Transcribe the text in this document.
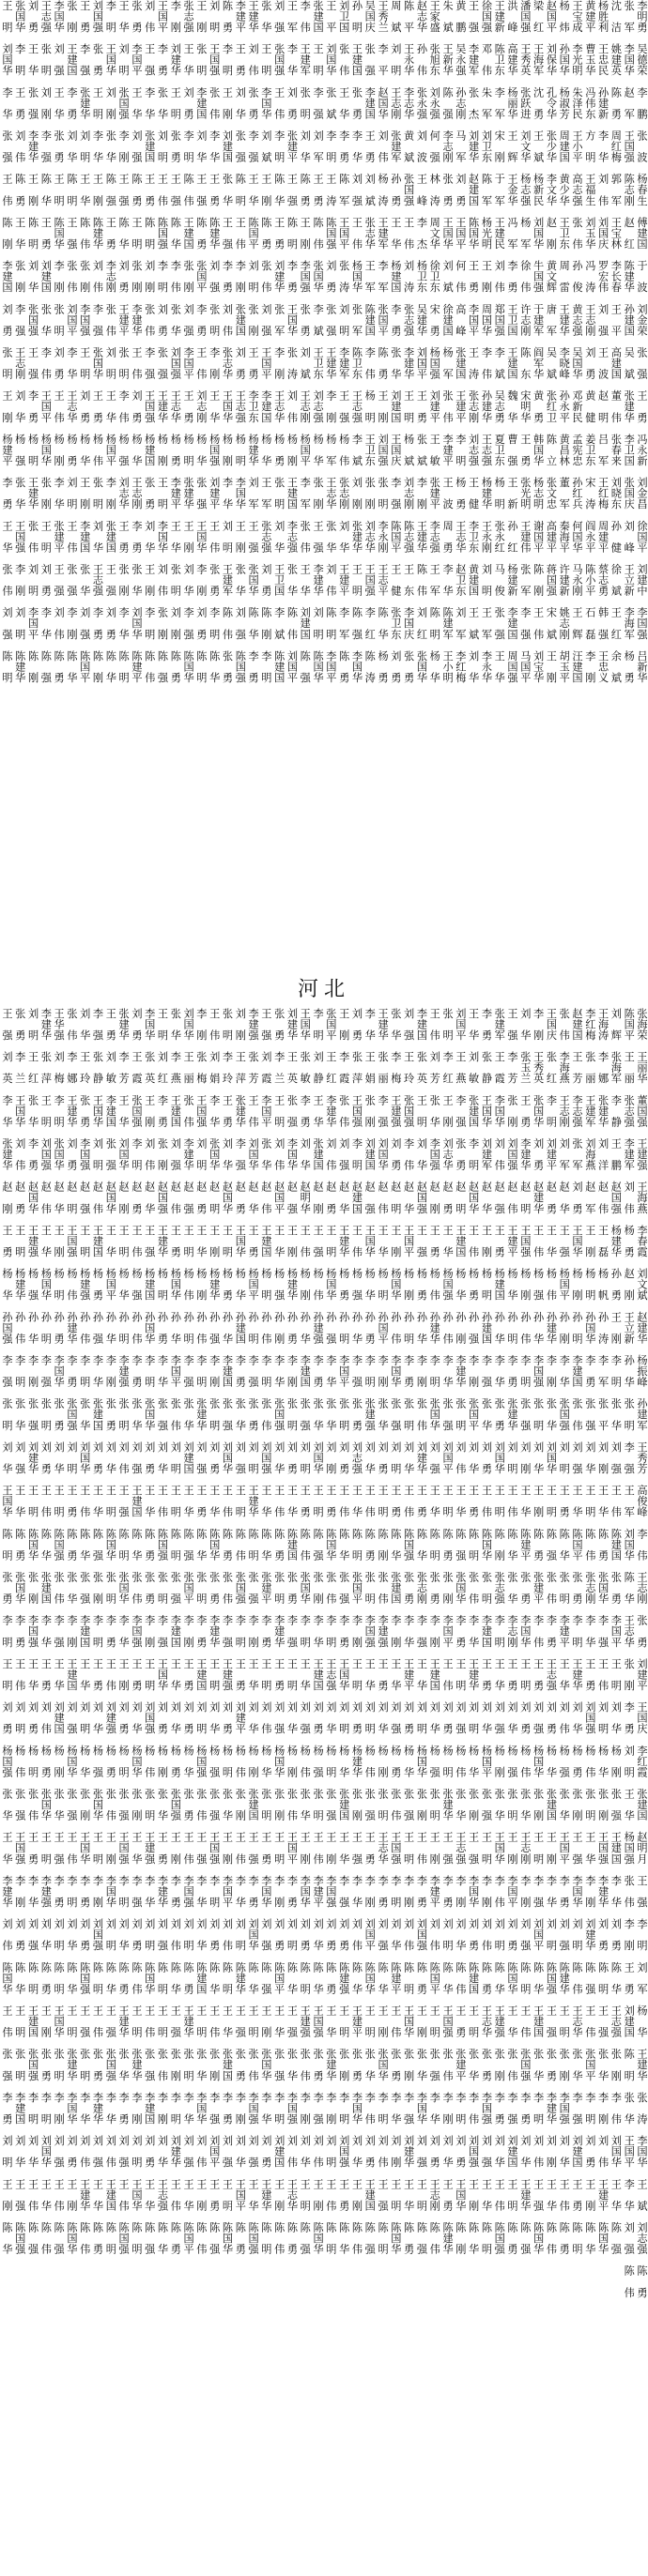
李明勇　吴德荣　李　鹏　张　波　杨春生　傅建国　于　波　刘金荣　张　强　王　勇　冯永新　刘金昌　徐国平　刘建中　李国强　吕新华
张　军　李国华　赵　军　王国强　陈志刚　赵　红　陈建华　孙建国　吴　斌　张建华　李卫国　张国庆　刘　峰　王立新　李海军　杨　勇
沈　洁　姚建英　陈　勇　周红梅　郭　军　王宝林　李长春　王　平　高建国　董　伟　张春来　刘晓东　孙　健　徐　斌　王　红　余　斌
杨胜利　王忠民　孙建新　李　华　刘　伟　刘国庆　罗宏伟　刘　强　王　波　赵　明　吕　军　王红梅　周建平　蔡志勇　韩　强　王忠义
黄建平　曹玉华　冯伟东　方　明　王福生　刘玉华　冯　涛　王志刚　刘　勇　黄　健　姜卫东　宋　涛　阎永平　陈小平　石　磊　李　刚
王宝成　李光明　朱泽民　王小平　高志强　张　伟　孙　俊　黄志强　吴国华　邓新民　孟宪忠　孙红兵　何国华　马永刚　王　辉　汪建国
杨　炜　孙国华　杨淑芳　周建国　黄少华　王卫东　周　雷　王建华　李晓峰　孙永平　黄昌林　董　军　秦海平　许建新　姚志刚　胡玉平
赵国平　刘保华　孔令华　张少华　李文华　赵　刚　黄文辉　唐　军　吴　斌　张红卫　陈　立　张文忠　高建平　蒋国强　宋　斌　王　刚
梁　红　王海军　沈　勇　王　斌　杨新民　刘国华　牛国强　于建军　阎军华　黄　勇　韩国华　杨志明　谢国平　陈　刚　王　伟　刘宝华
潘国强　王秀英　张跃进　刘文华　杨志强　杨　军　徐　伟　许志刚　陈　东　宋明华　王　勇　张光明　王建伟　张　军　李　强　马国平
洪　峰　高建华　杨丽华　王　辉　王金华　冯　军　李　勇　王卫国　王建国　魏　华　曹　强　王　新　孙　红　杨建新　李建国　周国强
王建新　陈卫东　李　军　宋　刚　于　军　王建民　刘　伟　郑国强　李　斌　吴志勇　夏卫东　杨　明　张永红　马　俊　张　强　王　华
徐国强　邓　伟　朱　军　刘卫东　陈　军　杨光明　王　刚　周国华　李　伟　孙建华　王志强　杨建华　王永刚　刘　明　王　军　李永华
王　强　李建军　张　杰　刘建华　赵建国　陈国华　王　勇　李国平　王　涛　张志刚　刘志强　王　健　李卫东　黄建国　王　斌　刘　华
黄　鹏　吴永强　孙志刚　马　军　刘　勇　王国平　何　伟　高　峰　张建国　王建平　李　明　杨　勇　王志华　赵卫东　刘　军　李红梅
朱　斌　王新华　陈　强　李志刚　张　勇　王国华　刘　斌　徐建国　杨　军　张　伟　李建平　王　波　周　勇　李　华　陈建军　王小明
王家盛　张旭东　刘永强　何　强　林　涛　周文华　徐卫东　宋　勇　杨国强　刘建平　王　敏　张建平　李志强　王　军　陈　明　杨　华
赵志华　孙　伟　张永强　刘　波　王　峰　李　杰　杨卫东　吴建华　刘国平　王　勇　张　斌　李　刚　王建华　陈　伟　刘　红　张国华
陈　平　王永华　李志华　黄　斌　张国强　王　伟　刘　涛　张志强　李建华　王　明　杨　斌　刘志刚　陈志强　王　东　李国庆　张　勇
周　斌　刘　明　王志刚　张建军　孙　勇　王　华　杨建国　李　勇　张　华　刘建国　王国庆　李　强　陈国平　王　健　张卫东　刘　勇
王秀兰　李　平　赵国华　刘　伟　杨　涛　王建军　李　军　张国平　陈　勇　王　刚　刘国强　张　明　李永刚　王志平　陈　华　杨　勇
吴国庆　张　强　李建国　王　勇　刘　斌　张志华　王　军　陈建国　李　伟　杨　明　王卫东　张　刚　刘志华　王国强　李　红　陈　涛
孙　明　王建国　张　勇　李　华　刘　强　王　伟　杨国华　张　军　陈卫东　王志强　李　斌　刘　刚　张建华　王　明　陈　强　李国华
刘卫国　张　伟　王　华　李　勇　陈　军　王国平　张　涛　刘　明　李建军　王　强　杨　伟　张志刚　刘　华　王建平　李　军　陈　勇
王　平　刘国华　张　斌　李　明　王　涛　陈国强　刘　勇　张　强　王建华　李　刚　杨　军　王志华　张　华　刘　伟　陈　明　李国平
张建国　王　明　李　强　刘　军　王　勇　陈　伟　张国华　李　斌　王卫东　刘志强　杨　华　张　刚　王　强　李建华　刘　明　陈国华
李　伟　王建军　张　明　刘　华　陈　勇　王　刚　李国强　张　勇　刘　斌　王志刚　杨国平　李　军　张　伟　王　华　刘建国　陈　强
王　军　李　华　刘　勇　张建平　王　强　陈　明　李　勇　王国华　张　涛　刘　伟　杨　刚　王建国　李志强　张　华　陈　伟　刘国平
刘　强　张国强　王　伟　李　明　陈　华　王　勇　刘建华　张　军　李　刚　王志华　杨　勇　张　明　刘　华　王卫国　李　斌　陈建国
张　华　王　明　李国华　刘　斌　王　刚　陈　勇　张　伟　刘　强　王国平　李建国　杨　华　王　军　张志强　刘　勇　陈　刚　李　明
王建华　刘　伟　张　勇　李　强　王　华　陈国平　刘　明　张　刚　王　勇　李卫东　杨建华　刘　军　王　强　张国华　陈　华　李　勇
李建平　王　勇　刘　华　张　强　陈　明　王　伟　李　刚　张建国　刘　勇　王志强　杨　明　李国华　王　刚　张　华　刘　强　陈国强
陈　勇　李　明　王　刚　刘建国　张　华　王　强　李　勇　刘　伟　张志华　王国华　杨　刚　李　华　刘　明　王建军　陈　伟　张　勇
刘　明　王国强　张　伟　李　华　王　勇　陈建华　刘　强　张　明　李　刚　王　华　杨国强　刘建平　王　伟　张　勇　李　明　陈　华
王　刚　张　明　李建国　刘　华　王　强　陈　勇　张国平　李　勇　王　伟　刘志刚　杨　华　张　强　王国华　李　刚　刘　勇　陈　明
张志强　王　华　刘　勇　李　明　陈　伟　王建国　张　刚　刘　强　李国平　王　勇　杨　明　张建华　王　刚　刘　华　李　强　陈国华
李　刚　刘建华　王　明　张　勇　王　强　陈　华　李　伟　张　华　刘国强　王志华　杨　勇　李建平　王　华　张　明　刘　刚　陈　勇
王国平　李　勇　张　华　刘　明　王　伟　陈国强　李　明　刘　勇　张　强　王建华　杨　刚　王　明　李国华　刘　伟　张　刚　陈　强
刘　伟　王　强　李　华　张建国　王　勇　陈　明　刘　刚　张　伟　李　强　王国强　杨建国　张　勇　刘　华　王　刚　李　明　陈　伟
张　勇　李国平　王　华　刘　强　陈　勇　王　明　张　刚　李建华　王　伟　刘　勇　杨　华　王志刚　李　勇　张　华　刘国华　陈建平
王　华　刘　明　张国强　李　刚　王　强　陈　华　刘　勇　王建平　张　明　李　伟　杨　强　刘志华　王　勇　张　刚　李　华　陈　明
李　明　王国华　刘　刚　张　华　陈　强　王　勇　李志刚　张　伟　刘　明　王　华　杨国平　李　刚　张建国　王　强　刘　勇　陈　华
刘国强　张　勇　王　明　李　华　王　刚　陈建华　刘　伟　李　强　张国华　王　勇　杨　伟　张　明　刘　华　王志强　李　勇　陈　刚
王　勇　李　强　张建华　刘　明　王　华　陈　伟　张　刚　李国强　王　明　刘　勇　杨　华　王　刚　李建国　张　华　刘　强　陈国平
张　刚　王建国　李　勇　刘　华　陈　明　王　强　张　伟　刘国平　李　华　王志华　杨　勇　刘　明　王　伟　张　强　李　刚　陈　华
李国华　刘　强　王　华　张　勇　王　明　陈国华　李　刚　张　明　刘　勇　王　伟　杨　刚　李　华　张建平　王　强　刘　伟　陈　勇
王志强　张　明　刘　刚　李　强　陈　华　王　勇　刘建国　张　华　李　伟　王国平　杨国华　张　刚　王　明　刘　勇　李　华　陈　强
刘　勇　王　华　张　强　李建华　王　刚　陈　明　刘　华　张国强　王　强　李　勇　杨　明　王建华　张　伟　刘　明　李国平　陈　刚
张国华　李　明　王　勇　刘　伟　陈　勇　王　华　张　刚　李　强　王志刚　刘　华　杨　强　张　华　王国强　李　刚　刘　明　陈建华
王　明　刘国华　李　华　张　强　王　伟　陈　刚　李建国　刘　勇　张　明　王　刚　杨建平　李　勇　王　华　张　伟　刘　强　陈　明
河北
张海荣　王丽华　董国强　王建强　王海燕　李春霞　刘文斌　赵建华　杨振峰　孙建军　王秀芳　高俊峰　李　伟　王志刚　张　勇　刘建平　王国庆　李红霞　张建国　赵明月　王　强　李　明　刘　军　杨　华　王建华　张　涛　李国华　王　斌　刘志强　陈　勇
陈国平　王　丽　张志强　李建军　刘　伟　杨　勇　赵　刚　王立新　孙　华　张　明　李　强　王　军　刘国华　陈　华　王志华　张　刚　李　勇　刘　明　王　华　杨国强　张　伟　李　刚　王　勇　刘建国　陈　明　张　华　王国平　李　华　刘　强　陈　伟
刘　辉　张海军　李　静　王　鹏　赵国强　杨建华　孙　勇　王　刚　李　明　张　华　刘　强　王　伟　陈建国　张　勇　李国平　王　明　刘　华　杨　刚　张　强　王建国　李　华　刘　勇　陈　华　王志强　张　刚　李　伟　刘国华　王　华　陈　强
王海涛　李　娜　张建华　刘　洋　赵　伟　王　磊　杨　帆　孙　涛　李　军　张　平　刘　刚　王　华　陈　勇　张国华　李　强　王　伟　刘　明　杨　华　张　刚　王国强　李建华　刘　勇　陈　明　王　强　张　华　李　刚　刘　伟　王建平　陈国华
李红梅　张　丽　王建军　刘海燕　赵　军　王　刚　杨　明　孙国华　李　勇　张　强　刘　华　王　明　陈　伟　张志刚　李　华　王　勇　刘国强　杨　伟　张　明　王　华　李　刚　刘建华　陈　强　王　伟　张国平　李　明　刘　勇　王　刚　陈　华
赵建国　王　芳　李志强　张　军　刘　勇　王国华　杨　刚　孙　明　李建国　张　伟　刘　强　王　华　陈国平　张　勇　李　明　王建华　刘　华　杨　勇　张　刚　王　强　李国华　刘　明　陈　伟　王志华　张　华　李　强　刘建国　王　勇　陈　明
张　伟　李海燕　王志刚　刘　军　赵　华　王　强　杨国平　孙　刚　李　华　张国强　刘　明　王　勇　陈　华　张　明　李建平　王　华　刘　伟　杨　强　张　华　王国平　李　勇　刘　强　陈建华　王　明　张　刚　李国强　刘　华　王　伟　陈　勇
王国庆　张　红　李　明　刘建平　赵　勇　王　华　杨　伟　孙建华　李　刚　张　华　刘国华　王　明　陈　强　张　伟　李　勇　王志强　刘　勇　杨　华　张建国　王　刚　李　华　刘　明　陈国强　王　强　张　勇　李建华　刘　刚　王　华　陈　伟
李　刚　王秀英　张国华　刘　勇　赵建华　王　伟　杨　强　孙　华　李国强　张　明　刘　华　王　刚　陈　勇　张建平　李　伟　王　勇　刘　强　杨国华　张　刚　王　明　李　强　刘国平　陈　华　王建国　张　华　李　明　刘　伟　王　强　陈国华
刘　华　张玉兰　王　勇　李建华　赵　明　王国强　杨　刚　孙　伟　李　明　张　强　刘　刚　王　华　陈建平　张　勇　李国华　王　明　刘　勇　杨　伟　张　华　王志刚　李　刚　刘　强　陈　明　王　伟　张国强　李　勇　刘　华　王建华　陈　强
王　强　李　芳　张　刚　刘国强　赵　伟　王建平　杨　华　孙　明　李　勇　张建华　刘　明　王　伟　陈　华　张　华　李志刚　王　勇　刘　华　杨　强　张　明　王　刚　李国平　刘　勇　陈国华　王　华　张　伟　李　强　刘建国　王　明　陈　勇
张建军　王　霞　李国华　刘　伟　赵　强　王　勇　杨建国　孙　华　李　华　张　勇　刘国华　王　明　陈　刚　张志强　李　明　王　华　刘　强　杨　刚　张　华　王国华　李　伟　刘　明　陈　华　王建强　张　刚　李　勇　刘　华　王　伟　陈国强
李　勇　张　静　王国华　刘建军　赵　华　王　刚　杨　明　孙建国　李　强　张　华　刘　勇　王　伟　陈国华　张　明　李建国　王　勇　刘　华　杨国平　张　强　王　明　李　刚　刘　伟　陈　勇　王志华　张　勇　李国强　刘　强　王　华　陈　明
王　华　刘　敏　张建国　李　明　赵国华　王　伟　杨　勇　孙　强　李　刚　张国平　刘　华　王　勇　陈　明　张　伟　李　华　王建华　刘　明　杨　华　张　刚　王　强　李国华　刘　勇　陈建国　王　明　张　华　李　伟　刘国强　王　刚　陈　华
刘国平　王　燕　李　强　张　勇　赵　明　王建国　杨　华　孙　刚　李建华　张　明　刘　伟　王　华　陈　强　张国华　李　勇　王　明　刘　强　杨　伟　张　华　王志强　李　刚　刘　华　陈　伟　王　勇　张建平　李　明　刘　勇　王国华　陈　刚
张　明　李　红　王　刚　刘志华　赵　勇　王　华　杨国强　孙　伟　李　华　张　强　刘国平　王　明　陈　勇　张　刚　李国平　王　伟　刘　勇　杨　明　张建华　王　强　李　勇　刘　明　陈　华　王国强　张　伟　李　刚　刘　华　王　勇　陈建华
王　伟　刘　芳　张　华　李国强　赵　刚　王　勇　杨　伟　孙建华　李　明　张国华　刘　强　王　华　陈　明　张　勇　李　刚　王建国　刘　华　杨　强　张　明　王　刚　李建平　刘　伟　陈国平　王　明　张　强　李　华　刘　勇　王志刚　陈　伟
李建国　张　英　王　明　刘　华　赵国强　王　强　杨　勇　孙　华　李　刚　张　伟　刘建华　王　勇　陈　华　张志刚　李　强　王　华　刘　明　杨国华　张　刚　王　伟　李　勇　刘国强　陈　勇　王　刚　张　华　李国华　刘　强　王　明　陈　强
刘　强　王　玲　张国强　李　伟　赵　华　王国平　杨　刚　孙　明　李　勇　张　明　刘　华　王　伟　陈国强　张　勇　李　华　王建平　刘　勇　杨　华　张　强　王　明　李　刚　刘　伟　陈　明　王国华　张　刚　李　强　刘建华　王　华　陈　勇
张　华　李　梅　王建强　刘　勇　赵　明　王　刚　杨国华　孙　伟　李国华　张　强　刘　明　王　勇　陈　华　张建国　李　刚　王　华　刘　强　杨　勇　张　伟　王国强　李　明　刘　华　陈建平　王　伟　张　勇　李　华　刘　刚　王　明　陈国华
王建华　张　丽　李　强　刘国华　赵　伟　王　华　杨　明　孙国平　李　刚　张　华　刘　勇　王　明　陈　刚　张　伟　李建强　王　勇　刘　华　杨　刚　张　明　王志华　李　勇　刘　强　陈　华　王　刚　张国华　李　明　刘　伟　王　强　陈　明
李　华　王　娟　张　刚　刘建国　赵　强　王国华　杨　华　孙　勇　李　明　张建强　刘　华　王　伟　陈　勇　张　明　李国强　王　华　刘　明　杨　伟　张　强　王　勇　李　刚　刘国平　陈国华　王　明　张　华　李　伟　刘　勇　王建国　陈　强
刘　勇　张　萍　王国强　李　明　赵建国　王　伟　杨　强　孙　华　李　强　张　勇　刘志强　王　华　陈　明　张国平　李　刚　王　明　刘　勇　杨建华　张　刚　王　强　李　华　刘　伟　陈　华　王建平　张　勇　李国华　刘　华　王　刚　陈　伟
王　刚　李　霞　张　伟　刘　强　赵　华　王建华　杨　勇　孙　明　李国平　张　明　刘　勇　王　伟　陈　华　张　强　李　勇　王国华　刘　明　杨　华　张建国　王　华　李　强　刘　勇　陈建强　王　明　张　刚　李　明　刘国强　王　勇　陈　华
张国平　王　红　李建华　刘　伟　赵　勇　王　明　杨国华　孙　强　李　华　张　华　刘　刚　王　勇　陈国华　张　伟　李　明　王志强　刘　华　杨　明　张　强　王　刚　李国强　刘　勇　陈　勇　王　华　张建华　李　刚　刘　明　王　伟　陈　明
李　明　刘　静　王　华　张建国　赵　刚　王　强　杨　伟　孙建强　李　勇　张　华　刘国华　王　明　陈　强　张　刚　李　华　王建国　刘　勇　杨　强　张　明　王　伟　李建平　刘　华　陈　华　王国强　张　勇　李　强　刘　伟　王　刚　陈国华
王国华　张　敏　李　勇　刘　华　赵明华　王　伟　杨　刚　孙　华　李建国　张　强　刘　明　王　勇　陈　伟　张国华　李　明　王　华　刘　强　杨　伟　张　华　王　刚　李国华　刘　勇　陈　明　王建强　张　伟　李　刚　刘　华　王　明　陈　强
刘建华　王　英　张　强　李国华　赵　强　王　刚　杨建华　孙　勇　李　刚　张　明　刘　勇　王　华　陈建国　张　勇　李　强　王　明　刘　华　杨　刚　张　伟　王国平　李　勇　刘　明　陈　华　王　强　张　华　李国强　刘　伟　王志华　陈　勇
张　勇　李　兰　王　明　刘　伟　赵国平　王　华　杨　强　孙　刚　李　华　张国强　刘　华　王　伟　陈　勇　张　明　李建华　王　勇　刘　强　杨国华　张　刚　王　明　李　刚　刘　勇　陈国平　王　华　张　强　李　明　刘建国　王　刚　陈　伟
王　强　刘　霞　李国平　张　华　赵　伟　王建国　杨　明　孙　伟　李　明　张　伟　刘国强　王　华　陈　华　张建平　李　勇　王　明　刘　伟　杨　华　张　明　王　勇　李国华　刘　强　陈　强　王　刚　张国华　李　华　刘　勇　王建华　陈　明
李建强　张　芳　王　伟　刘国华　赵　华　王　勇　杨国平　孙　明　李　强　张　勇　刘　明　王建华　陈　明　张　强　李　刚　王　华　刘　华　杨　刚　张建国　王　强　李　勇　刘国华　陈　华　王　明　张　伟　李国强　刘　强　王　华　陈国强
刘　刚　王　萍　张建华　李　强　赵　勇　王国华　杨　华　孙建国　李　勇　张　华　刘　强　王　明　陈　伟　张国强　李　明　王　勇　刘建平　杨　伟　张　刚　王　伟　李　华　刘　明　陈建华　王　强　张　勇　李　刚　刘　华　王国平　陈　勇
张　明　李　玲　王　勇　刘　华　赵国华　王　明　杨　勇　孙　华　李建国　张　强　刘国华　王　伟　陈　勇　张　伟　李　强　王建强　刘　勇　杨　明　张　华　王　刚　李国平　刘　伟　陈　明　王　华　张建国　李　勇　刘　强　王　明　陈国华
王　伟　刘　娟　李　华　张国华　赵　明　王　刚　杨建华　孙　强　李　刚　张　明　刘　勇　王　华　陈国华　张　勇　李建华　王　明　刘　华　杨　强　张　强　王国强　李　明　刘　勇　陈　华　王　伟　张　刚　李　强　刘国平　王　勇　陈　强
李　刚　张　梅　王国强　刘　明　赵　勇　王　华　杨　刚　孙　伟　李　明　张建华　刘　强　王　勇　陈　华　张　明　李　勇　王建国　刘　明　杨国强　张　伟　王　强　李　华　刘　华　陈建国　王　明　张　华　李国华　刘　伟　王　刚　陈　伟
刘国华　王　丽　张　伟　李建华　赵　强　王　明　杨　伟　孙　明　李　强　张　华　刘建国　王　华　陈　强　张国平　李　刚　王　勇　刘　勇　杨　华　张　勇　王　伟　李国强　刘　明　陈　勇　王建华　张　明　李　华　刘　强　王　华　陈国平
张　华　李　燕　王建国　刘　强　赵　伟　王　勇　杨国华　孙　华　李国平　张　伟　刘　明　王　明　陈　明　张　强　李建国　王　华　刘　华　杨　勇　张国强　王　刚　李　勇　刘　伟　陈　华　王　强　张　刚　李　明　刘建华　王　伟　陈　勇
王　明　刘　红　李　勇　张　刚　赵国强　王建华　杨　明　孙　勇　李　华　张　强　刘　华　王　伟　陈国强　张　明　李　强　王国华　刘　勇　杨　刚　张　华　王　勇　李建华　刘　强　陈　明　王　明　张　伟　李　刚　刘　华　王志强　陈　华
李国华　张　英　王　刚　刘　伟　赵　华　王　强　杨建国　孙国华　李　明　张国华　刘　勇　王　华　陈　勇　张　勇　李　刚　王　明　刘国强　杨　伟　张　明　王建强　李　华　刘　明　陈国华　王　伟　张　强　李建国　刘　勇　王　华　陈　强
刘　勇　王　霞　张国强　李　明　赵　勇　王　伟　杨　强　孙　伟　李　勇　张　华　刘　强　王建国　陈　华　张　伟　李国强　王　勇　刘　华　杨国华　张　刚　王　华　李　强　刘　勇　陈　伟　王　明　张建华　李　刚　刘　明　王国华　陈　明
张建华　李　芳　王　华　刘国华　赵　刚　王　明　杨　华　孙　明　李建强　张　明　刘　伟　王　强　陈　明　张国华　李　华　王　刚　刘　勇　杨　明　张　强　王国强　李　明　刘　华　陈　勇　王建华　张　华　李　勇　刘　强　王　伟　陈国强
王　勇　刘　敏　李建国　张　强　赵国华　王　华　杨国平　孙　华　李　刚　张　勇　刘　华　王　明　陈国华　张　明　李　勇　王　伟　刘建强　杨　勇　张　伟　王　刚　李国华　刘　明　陈　华　王　强　张国强　李　华　刘　伟　王建国　陈　明
李　强　张　静　王国华　刘　明　赵　伟　王建国　杨　勇　孙　强　李　华　张建国　刘　勇　王　华　陈　强　张　刚　李　明　王　勇　刘　华　杨　强　张国华　王　明　李　刚　刘国强　陈　明　王　伟　张　勇　李建华　刘　强　王　华　陈　勇
刘　华　王　玲　张　勇　李国强　赵　强　王　明　杨建强　孙　伟　李　明　张　华　刘国华　王　伟　陈　华　张　强　李建国　王　华　刘　明　杨　华　张　刚　王国华　李　勇　刘　勇　陈国强　王　强　张　明　李　华　刘　伟　王建华　陈　伟
张　伟　李　娜　王建华　刘　勇　赵　明　王国强　杨　伟　孙建华　李　勇　张国强　刘　明　王　勇　陈　勇　张　华　李　刚　王建国　刘　强　杨国华　张　强　王　伟　李　明　刘　华　陈　华　王　明　张建华　李国华　刘　勇　王　刚　陈国华
王华强　刘　梅　李　明　张国华　赵　华　王　刚　杨　明　孙　勇　李国华　张　勇　刘　华　王　明　陈国强　张　伟　李　强　王　华　刘建国　杨　刚　张　华　王　强　李　勇　刘　明　陈　明　王国华　张　明　李　刚　刘　强　王　伟　陈　强
李建华　张　萍　王　明　刘国强　赵　伟　王　华　杨国华　孙　明　李　强　张　明　刘　勇　王　伟　陈　华　张建国　李　华　王　勇　刘　伟　杨　勇　张国华　王　明　李建强　刘　华　陈　勇　王　刚　张　勇　李　明　刘国华　王　华　陈　伟
刘　明　王　红　张　华　李　勇　赵国华　王建强　杨　强　孙　华　李　刚　张　强　刘建华　王　明　陈国华　张　刚　李国强　王　华　刘　勇　杨　明　张　伟　王　勇　李　华　刘　强　陈　明　王建国　张国强　李　明　刘　华　王　伟　陈　强
张　勇　李　兰　王国华　刘　伟　赵　勇　王　明　杨建华　孙　伟　李　明　张　华　刘　强　王　华　陈　勇　张国华　李　勇　王　伟　刘　明　杨　伟　张　强　王国强　李　刚　刘　勇　陈　华　王　明　张　明　李建国　刘　华　王　强　陈国强
王　强　刘　英　李　华　张建华　赵　刚　王　勇　杨　华　孙国强　李　强　张　明　刘　华　王国华　陈　明　张　勇　李　明　王　明　刘　勇　杨国强　张　华　王　华　李建华　刘　伟　陈国华　王　伟　张　强　李　勇　刘　明　王　刚　陈　华
